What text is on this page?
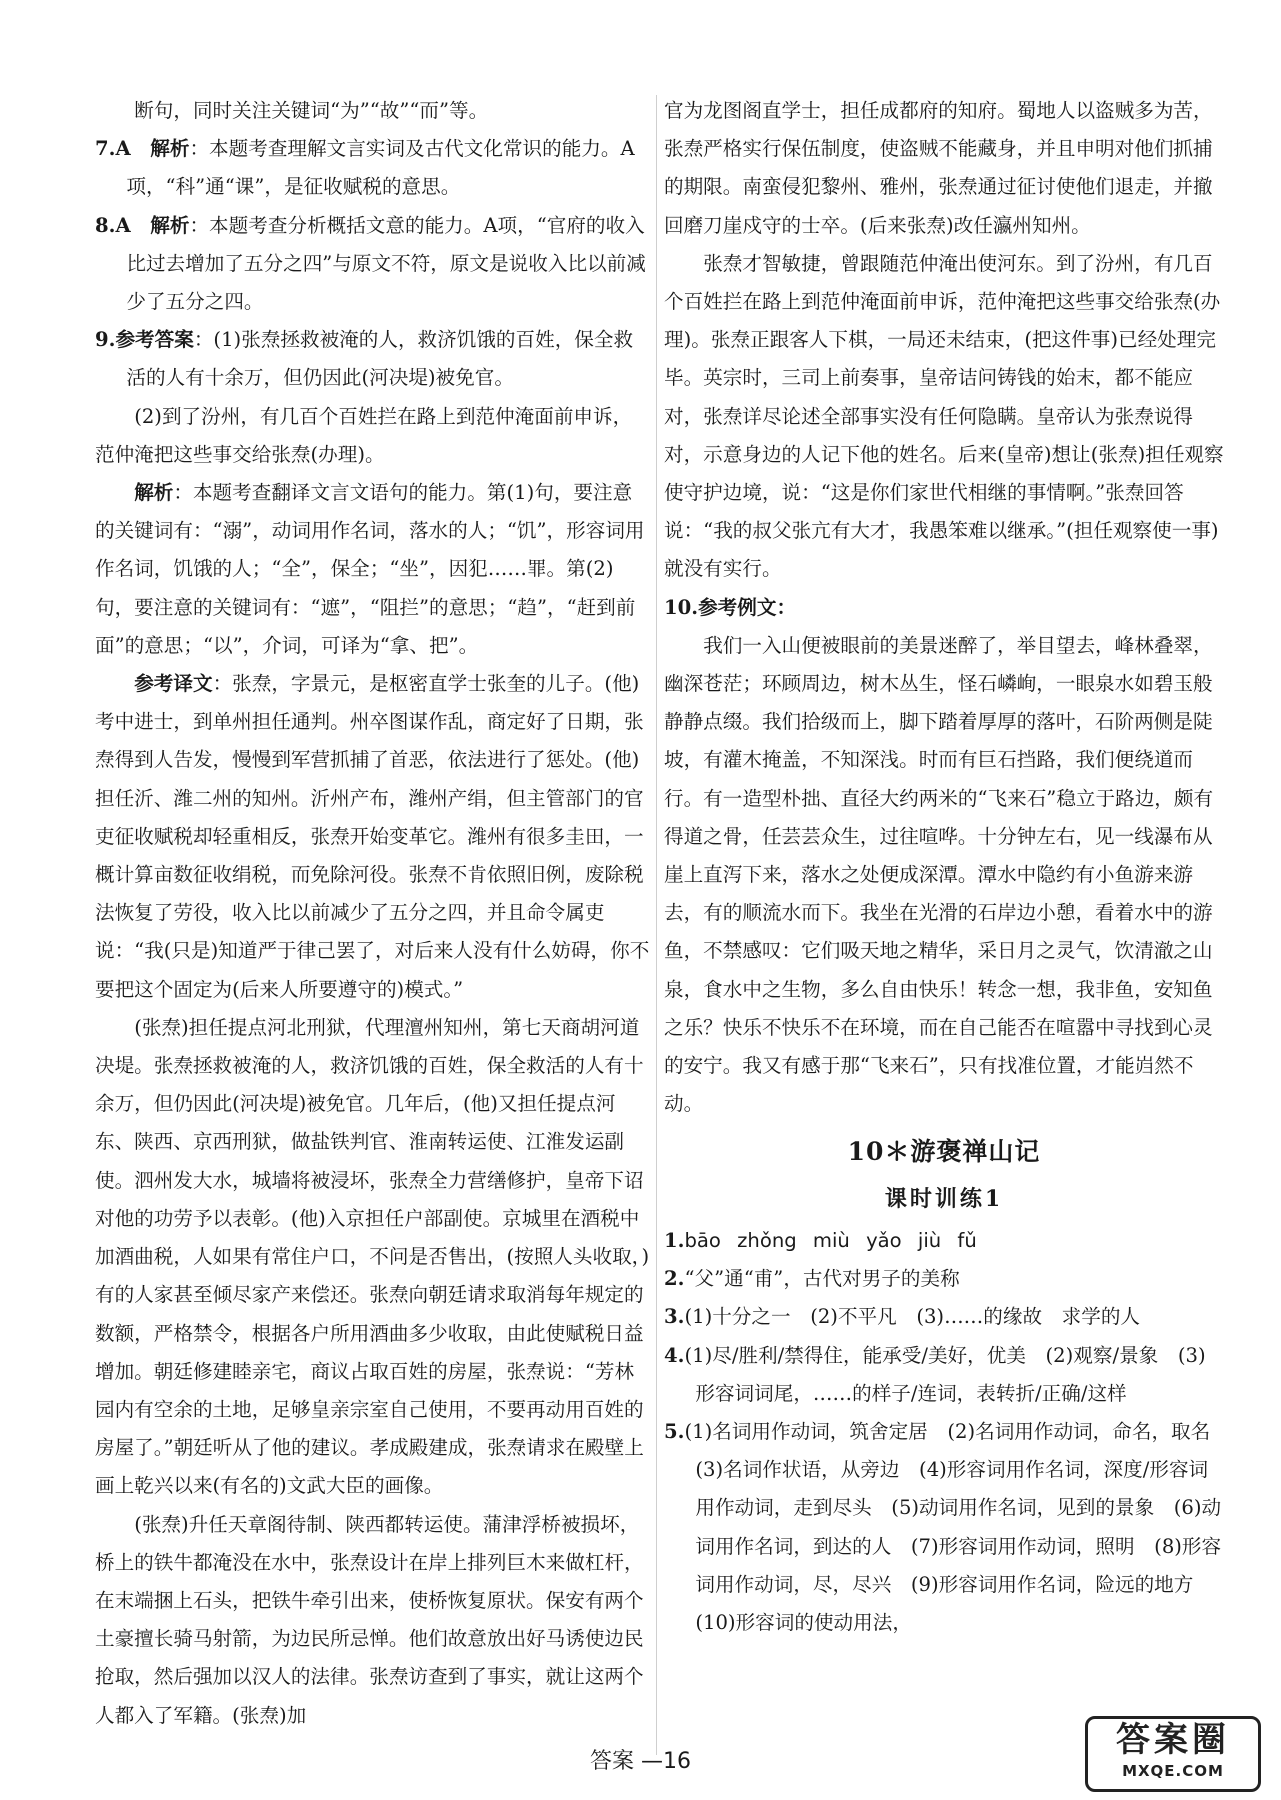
断句，同时关注关键词“为”“故”“而”等。

7.A　 解析：本题考查理解文言实词及古代文化常识的能力。A项，“科”通“课”，是征收赋税的意思。

8.A　 解析：本题考查分析概括文意的能力。A项，“官府的收入比过去增加了五分之四”与原文不符，原文是说收入比以前减少了五分之四。

9.参考答案：(1)张焘拯救被淹的人，救济饥饿的百姓，保全救活的人有十余万，但仍因此(河决堤)被免官。

(2)到了汾州，有几百个百姓拦在路上到范仲淹面前申诉，范仲淹把这些事交给张焘(办理)。

解析：本题考查翻译文言文语句的能力。第(1)句，要注意的关键词有：“溺”，动词用作名词，落水的人；“饥”，形容词用作名词，饥饿的人；“全”，保全；“坐”，因犯……罪。第(2)句，要注意的关键词有：“遮”，“阻拦”的意思；“趋”，“赶到前面”的意思；“以”，介词，可译为“拿、把”。

参考译文：张焘，字景元，是枢密直学士张奎的儿子。(他)考中进士，到单州担任通判。州卒图谋作乱，商定好了日期，张焘得到人告发，慢慢到军营抓捕了首恶，依法进行了惩处。(他)担任沂、潍二州的知州。沂州产布，潍州产绢，但主管部门的官吏征收赋税却轻重相反，张焘开始变革它。潍州有很多圭田，一概计算亩数征收绢税，而免除河役。张焘不肯依照旧例，废除税法恢复了劳役，收入比以前减少了五分之四，并且命令属吏说：“我(只是)知道严于律己罢了，对后来人没有什么妨碍，你不要把这个固定为(后来人所要遵守的)模式。”

(张焘)担任提点河北刑狱，代理澶州知州，第七天商胡河道决堤。张焘拯救被淹的人，救济饥饿的百姓，保全救活的人有十余万，但仍因此(河决堤)被免官。几年后，(他)又担任提点河东、陕西、京西刑狱，做盐铁判官、淮南转运使、江淮发运副使。泗州发大水，城墙将被浸坏，张焘全力营缮修护，皇帝下诏对他的功劳予以表彰。(他)入京担任户部副使。京城里在酒税中加酒曲税，人如果有常住户口，不问是否售出，(按照人头收取，)有的人家甚至倾尽家产来偿还。张焘向朝廷请求取消每年规定的数额，严格禁令，根据各户所用酒曲多少收取，由此使赋税日益增加。朝廷修建睦亲宅，商议占取百姓的房屋，张焘说：“芳林园内有空余的土地，足够皇亲宗室自己使用，不要再动用百姓的房屋了。”朝廷听从了他的建议。孝成殿建成，张焘请求在殿壁上画上乾兴以来(有名的)文武大臣的画像。

(张焘)升任天章阁待制、陕西都转运使。蒲津浮桥被损坏，桥上的铁牛都淹没在水中，张焘设计在岸上排列巨木来做杠杆，在末端捆上石头，把铁牛牵引出来，使桥恢复原状。保安有两个土豪擅长骑马射箭，为边民所忌惮。他们故意放出好马诱使边民抢取，然后强加以汉人的法律。张焘访查到了事实，就让这两个人都入了军籍。(张焘)加

官为龙图阁直学士，担任成都府的知府。蜀地人以盗贼多为苦，张焘严格实行保伍制度，使盗贼不能藏身，并且申明对他们抓捕的期限。南蛮侵犯黎州、雅州，张焘通过征讨使他们退走，并撤回磨刀崖戍守的士卒。(后来张焘)改任瀛州知州。

张焘才智敏捷，曾跟随范仲淹出使河东。到了汾州，有几百个百姓拦在路上到范仲淹面前申诉，范仲淹把这些事交给张焘(办理)。张焘正跟客人下棋，一局还未结束，(把这件事)已经处理完毕。英宗时，三司上前奏事，皇帝诘问铸钱的始末，都不能应对，张焘详尽论述全部事实没有任何隐瞒。皇帝认为张焘说得对，示意身边的人记下他的姓名。后来(皇帝)想让(张焘)担任观察使守护边境，说：“这是你们家世代相继的事情啊。”张焘回答说：“我的叔父张亢有大才，我愚笨难以继承。”(担任观察使一事)就没有实行。

10.参考例文：

我们一入山便被眼前的美景迷醉了，举目望去，峰林叠翠，幽深苍茫；环顾周边，树木丛生，怪石嶙峋，一眼泉水如碧玉般静静点缀。我们拾级而上，脚下踏着厚厚的落叶，石阶两侧是陡坡，有灌木掩盖，不知深浅。时而有巨石挡路，我们便绕道而行。有一造型朴拙、直径大约两米的“飞来石”稳立于路边，颇有得道之骨，任芸芸众生，过往喧哗。十分钟左右，见一线瀑布从崖上直泻下来，落水之处便成深潭。潭水中隐约有小鱼游来游去，有的顺流水而下。我坐在光滑的石岸边小憩，看着水中的游鱼，不禁感叹：它们吸天地之精华，采日月之灵气，饮清澈之山泉，食水中之生物，多么自由快乐！转念一想，我非鱼，安知鱼之乐？快乐不快乐不在环境，而在自己能否在喧嚣中寻找到心灵的安宁。我又有感于那“飞来石”，只有找准位置，才能岿然不动。

10＊游褒禅山记
课时训练1

1.bāo zhǒng miù yǎo jiù fǔ

2.“父”通“甫”，古代对男子的美称

3.(1)十分之一　(2)不平凡　(3)……的缘故　求学的人

4.(1)尽/胜利/禁得住，能承受/美好，优美　(2)观察/景象　(3)形容词词尾，……的样子/连词，表转折/正确/这样

5.(1)名词用作动词，筑舍定居　(2)名词用作动词，命名，取名　(3)名词作状语，从旁边　(4)形容词用作名词，深度/形容词用作动词，走到尽头　(5)动词用作名词，见到的景象　(6)动词用作名词，到达的人　(7)形容词用作动词，照明　(8)形容词用作动词，尽，尽兴　(9)形容词用作名词，险远的地方　(10)形容词的使动用法，

答案 —16
答案圈
MXQE.COM
